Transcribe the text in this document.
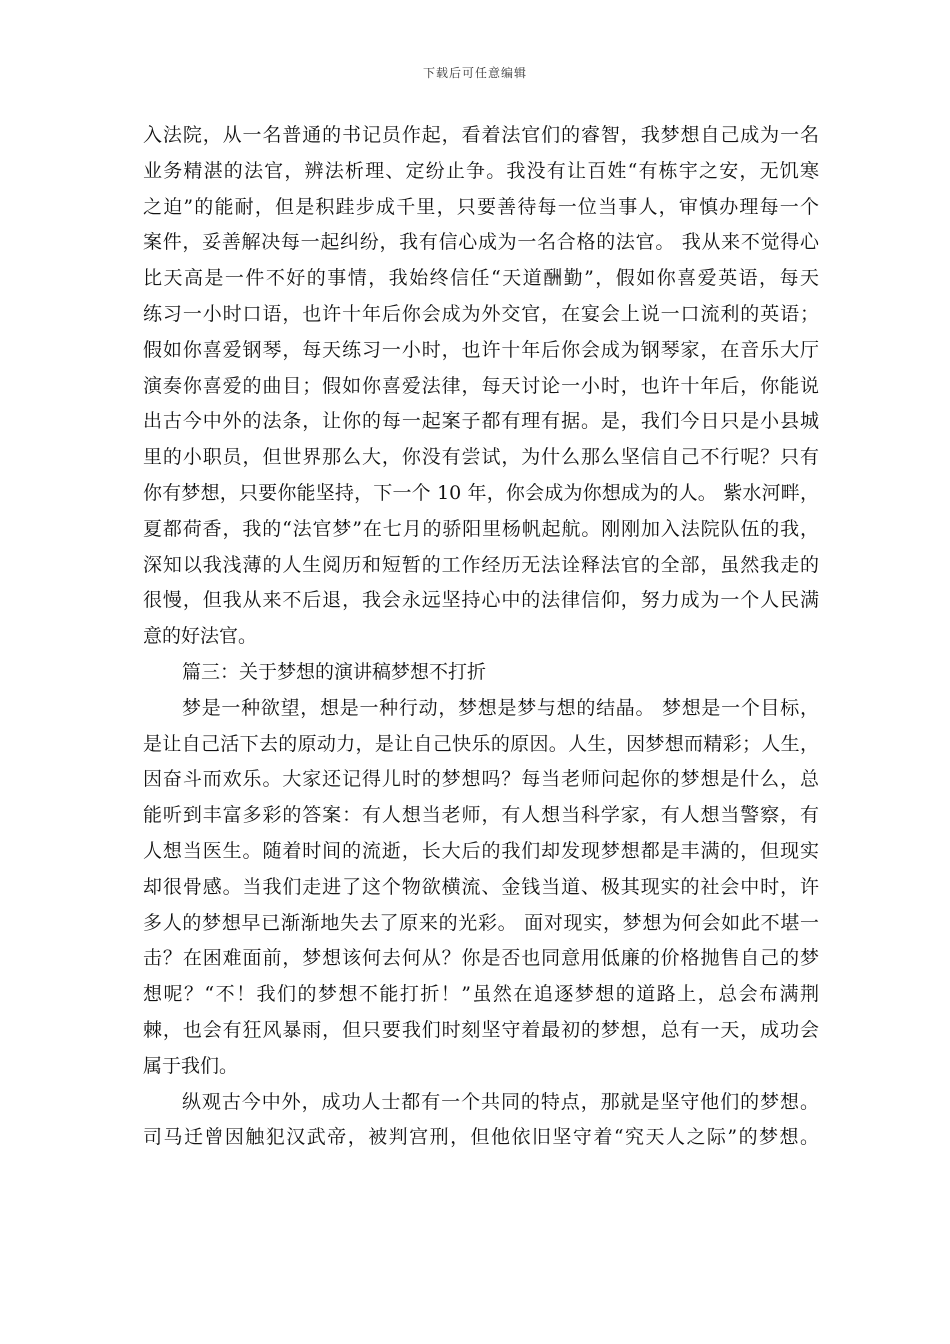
下载后可任意编辑
入法院，从一名普通的书记员作起，看着法官们的睿智，我梦想自己成为一名
业务精湛的法官，辨法析理、定纷止争。我没有让百姓“有栋宇之安，无饥寒
之迫”的能耐，但是积跬步成千里，只要善待每一位当事人，审慎办理每一个
案件，妥善解决每一起纠纷，我有信心成为一名合格的法官。 我从来不觉得心
比天高是一件不好的事情，我始终信任“天道酬勤”，假如你喜爱英语，每天
练习一小时口语，也许十年后你会成为外交官，在宴会上说一口流利的英语；
假如你喜爱钢琴，每天练习一小时，也许十年后你会成为钢琴家，在音乐大厅
演奏你喜爱的曲目；假如你喜爱法律，每天讨论一小时，也许十年后，你能说
出古今中外的法条，让你的每一起案子都有理有据。是，我们今日只是小县城
里的小职员，但世界那么大，你没有尝试，为什么那么坚信自己不行呢？只有
你有梦想，只要你能坚持，下一个 10 年，你会成为你想成为的人。 紫水河畔，
夏都荷香，我的“法官梦”在七月的骄阳里杨帆起航。刚刚加入法院队伍的我，
深知以我浅薄的人生阅历和短暂的工作经历无法诠释法官的全部，虽然我走的
很慢，但我从来不后退，我会永远坚持心中的法律信仰，努力成为一个人民满
意的好法官。
篇三：关于梦想的演讲稿梦想不打折
梦是一种欲望，想是一种行动，梦想是梦与想的结晶。 梦想是一个目标，
是让自己活下去的原动力，是让自己快乐的原因。人生，因梦想而精彩；人生，
因奋斗而欢乐。大家还记得儿时的梦想吗？每当老师问起你的梦想是什么，总
能听到丰富多彩的答案：有人想当老师，有人想当科学家，有人想当警察，有
人想当医生。随着时间的流逝，长大后的我们却发现梦想都是丰满的，但现实
却很骨感。当我们走进了这个物欲横流、金钱当道、极其现实的社会中时，许
多人的梦想早已渐渐地失去了原来的光彩。 面对现实，梦想为何会如此不堪一
击？在困难面前，梦想该何去何从？你是否也同意用低廉的价格抛售自己的梦
想呢？“不！我们的梦想不能打折！”虽然在追逐梦想的道路上，总会布满荆
棘，也会有狂风暴雨，但只要我们时刻坚守着最初的梦想，总有一天，成功会
属于我们。
纵观古今中外，成功人士都有一个共同的特点，那就是坚守他们的梦想。
司马迁曾因触犯汉武帝，被判宫刑，但他依旧坚守着“究天人之际”的梦想。
